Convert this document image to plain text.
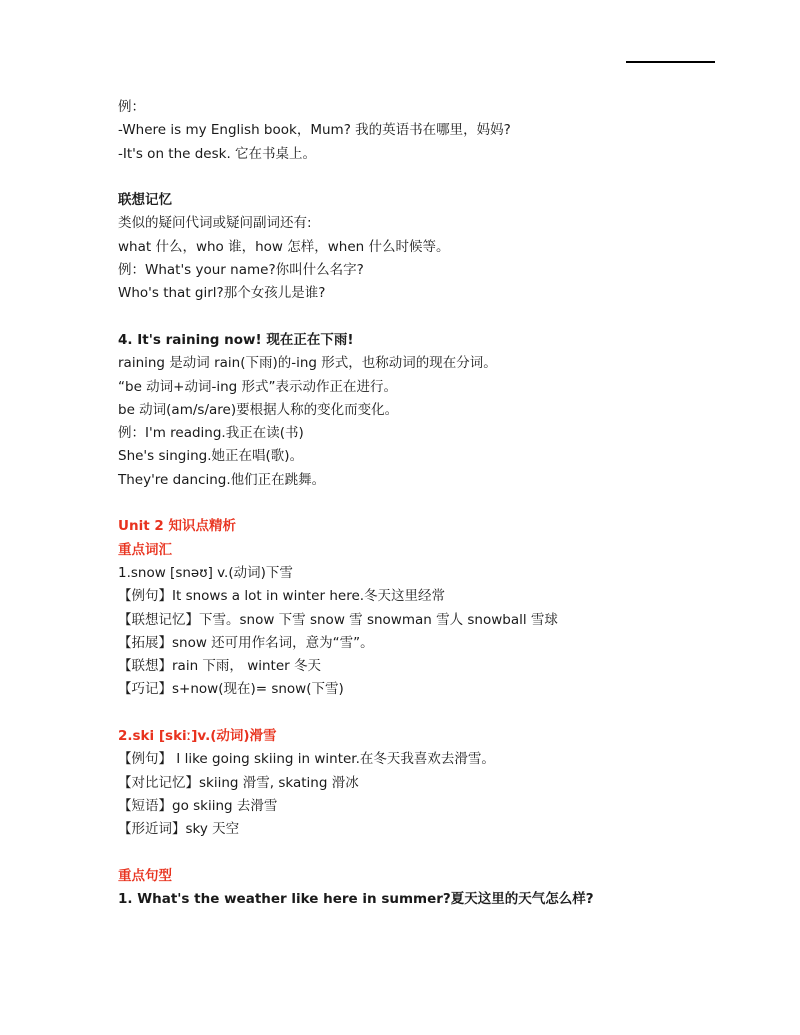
例：
-Where is my English book，Mum? 我的英语书在哪里，妈妈?
-It's on the desk. 它在书桌上。
联想记忆
类似的疑问代词或疑问副词还有:
what 什么，who 谁，how 怎样，when 什么时候等。
例：What's your name?你叫什么名字?
Who's that girl?那个女孩儿是谁?
4. It's raining now! 现在正在下雨!
raining 是动词 rain(下雨)的-ing 形式，也称动词的现在分词。
“be 动词+动词-ing 形式”表示动作正在进行。
be 动词(am/s/are)要根据人称的变化而变化。
例：I'm reading.我正在读(书)
She's singing.她正在唱(歌)。
They're dancing.他们正在跳舞。
Unit 2 知识点精析
重点词汇
1.snow [snəʊ] v.(动词)下雪
【例句】It snows a lot in winter here.冬天这里经常
【联想记忆】下雪。snow 下雪 snow 雪 snowman 雪人 snowball 雪球
【拓展】snow 还可用作名词，意为“雪”。
【联想】rain 下雨， winter 冬天
【巧记】s+now(现在)= snow(下雪)
2.ski [skiː]v.(动词)滑雪
【例句】 I like going skiing in winter.在冬天我喜欢去滑雪。
【对比记忆】skiing 滑雪, skating 滑冰
【短语】go skiing 去滑雪
【形近词】sky 天空
重点句型
1. What's the weather like here in summer?夏天这里的天气怎么样?
